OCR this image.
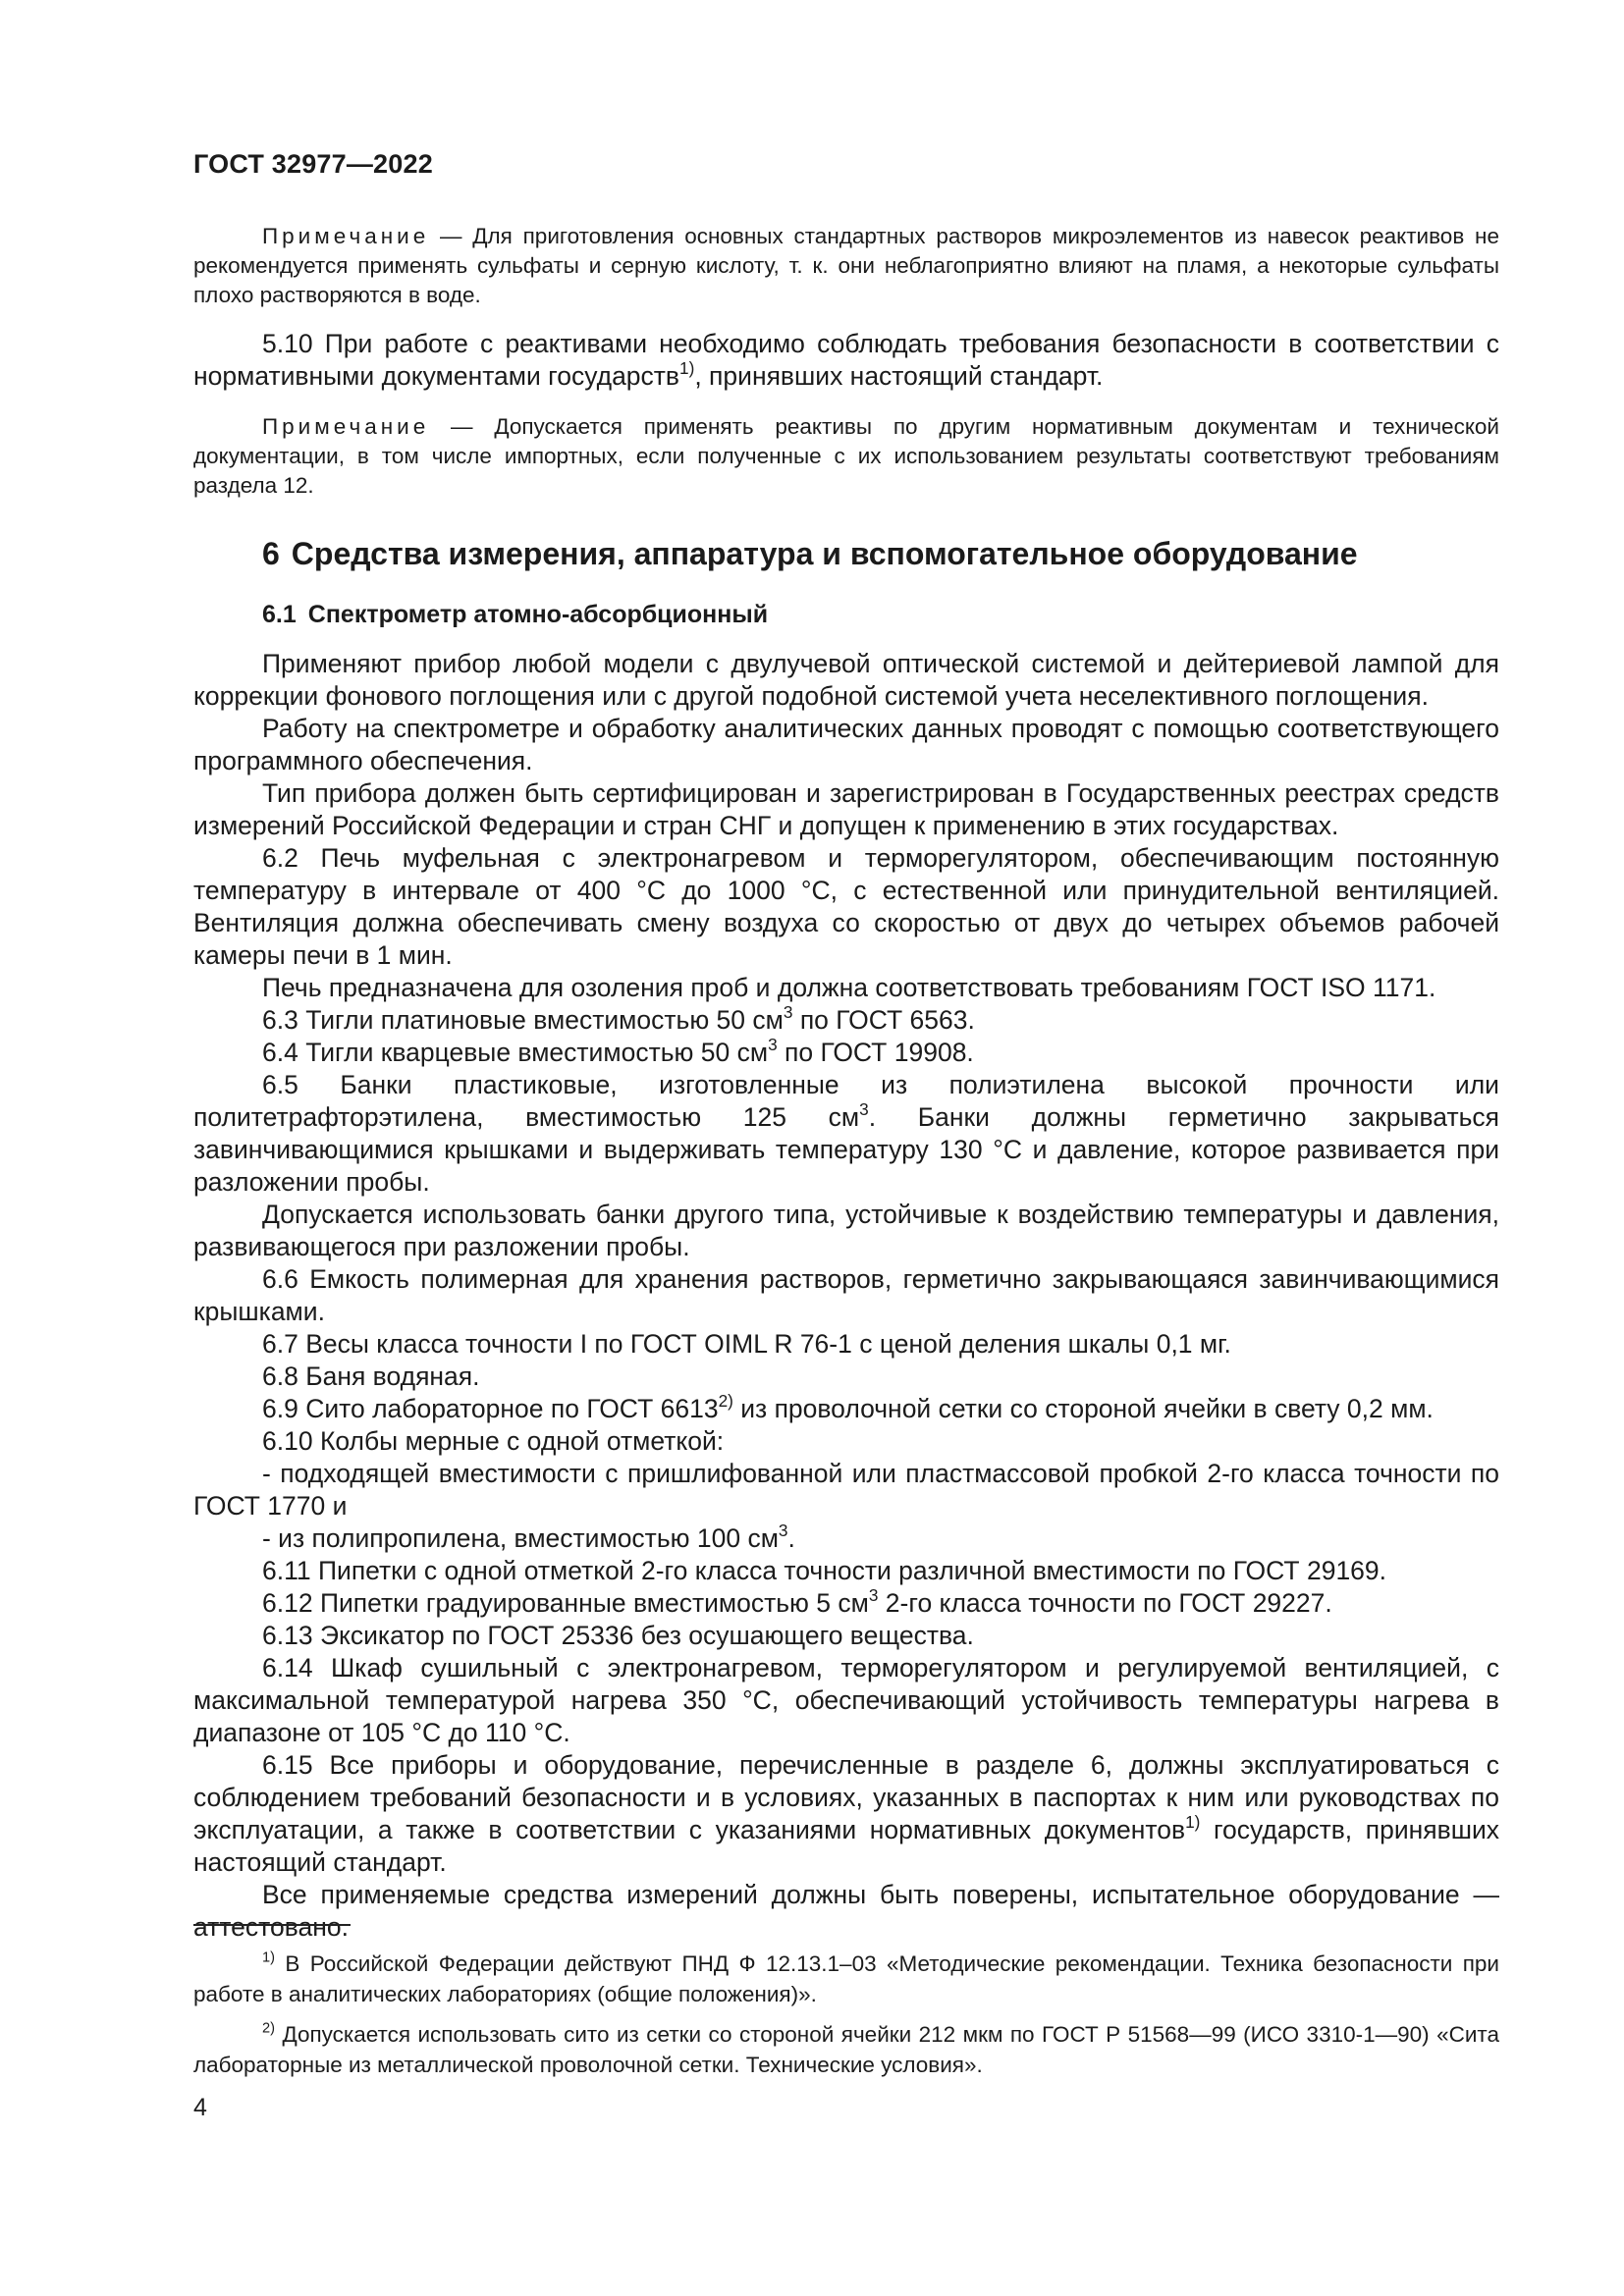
ГОСТ 32977—2022

Примечание — Для приготовления основных стандартных растворов микроэлементов из навесок реактивов не рекомендуется применять сульфаты и серную кислоту, т. к. они неблагоприятно влияют на пламя, а некоторые сульфаты плохо растворяются в воде.

5.10 При работе с реактивами необходимо соблюдать требования безопасности в соответствии с нормативными документами государств$^{1)}$, принявших настоящий стандарт.

Примечание — Допускается применять реактивы по другим нормативным документам и технической документации, в том числе импортных, если полученные с их использованием результаты соответствуют требованиям раздела 12.

6 Средства измерения, аппаратура и вспомогательное оборудование
6.1 Спектрометр атомно-абсорбционный

Применяют прибор любой модели с двулучевой оптической системой и дейтериевой лампой для коррекции фонового поглощения или с другой подобной системой учета неселективного поглощения.

Работу на спектрометре и обработку аналитических данных проводят с помощью соответствующего программного обеспечения.

Тип прибора должен быть сертифицирован и зарегистрирован в Государственных реестрах средств измерений Российской Федерации и стран СНГ и допущен к применению в этих государствах.

6.2 Печь муфельная с электронагревом и терморегулятором, обеспечивающим постоянную температуру в интервале от 400 °С до 1000 °С, с естественной или принудительной вентиляцией. Вентиляция должна обеспечивать смену воздуха со скоростью от двух до четырех объемов рабочей камеры печи в 1 мин.

Печь предназначена для озоления проб и должна соответствовать требованиям ГОСТ ISO 1171.

6.3 Тигли платиновые вместимостью 50 $см^3$ по ГОСТ 6563.

6.4 Тигли кварцевые вместимостью 50 $см^3$ по ГОСТ 19908.

6.5 Банки пластиковые, изготовленные из полиэтилена высокой прочности или политетрафторэтилена, вместимостью 125 $см^3$. Банки должны герметично закрываться завинчивающимися крышками и выдерживать температуру 130 °С и давление, которое развивается при разложении пробы.

Допускается использовать банки другого типа, устойчивые к воздействию температуры и давления, развивающегося при разложении пробы.

6.6 Емкость полимерная для хранения растворов, герметично закрывающаяся завинчивающимися крышками.

6.7 Весы класса точности I по ГОСТ OIML R 76-1 с ценой деления шкалы 0,1 мг.

6.8 Баня водяная.

6.9 Сито лабораторное по ГОСТ 6613$^{2)}$ из проволочной сетки со стороной ячейки в свету 0,2 мм.

6.10 Колбы мерные с одной отметкой:

- подходящей вместимости с пришлифованной или пластмассовой пробкой 2-го класса точности по ГОСТ 1770 и

- из полипропилена, вместимостью 100 $см^3$.

6.11 Пипетки с одной отметкой 2-го класса точности различной вместимости по ГОСТ 29169.

6.12 Пипетки градуированные вместимостью 5 $см^3$ 2-го класса точности по ГОСТ 29227.

6.13 Эксикатор по ГОСТ 25336 без осушающего вещества.

6.14 Шкаф сушильный с электронагревом, терморегулятором и регулируемой вентиляцией, с максимальной температурой нагрева 350 °С, обеспечивающий устойчивость температуры нагрева в диапазоне от 105 °С до 110 °С.

6.15 Все приборы и оборудование, перечисленные в разделе 6, должны эксплуатироваться с соблюдением требований безопасности и в условиях, указанных в паспортах к ним или руководствах по эксплуатации, а также в соответствии с указаниями нормативных документов$^{1)}$ государств, принявших настоящий стандарт.

Все применяемые средства измерений должны быть поверены, испытательное оборудование — аттестовано.

$^{1)}$ В Российской Федерации действуют ПНД Ф 12.13.1–03 «Методические рекомендации. Техника безопасности при работе в аналитических лабораториях (общие положения)».

$^{2)}$ Допускается использовать сито из сетки со стороной ячейки 212 мкм по ГОСТ Р 51568—99 (ИСО 3310-1—90) «Сита лабораторные из металлической проволочной сетки. Технические условия».

4
